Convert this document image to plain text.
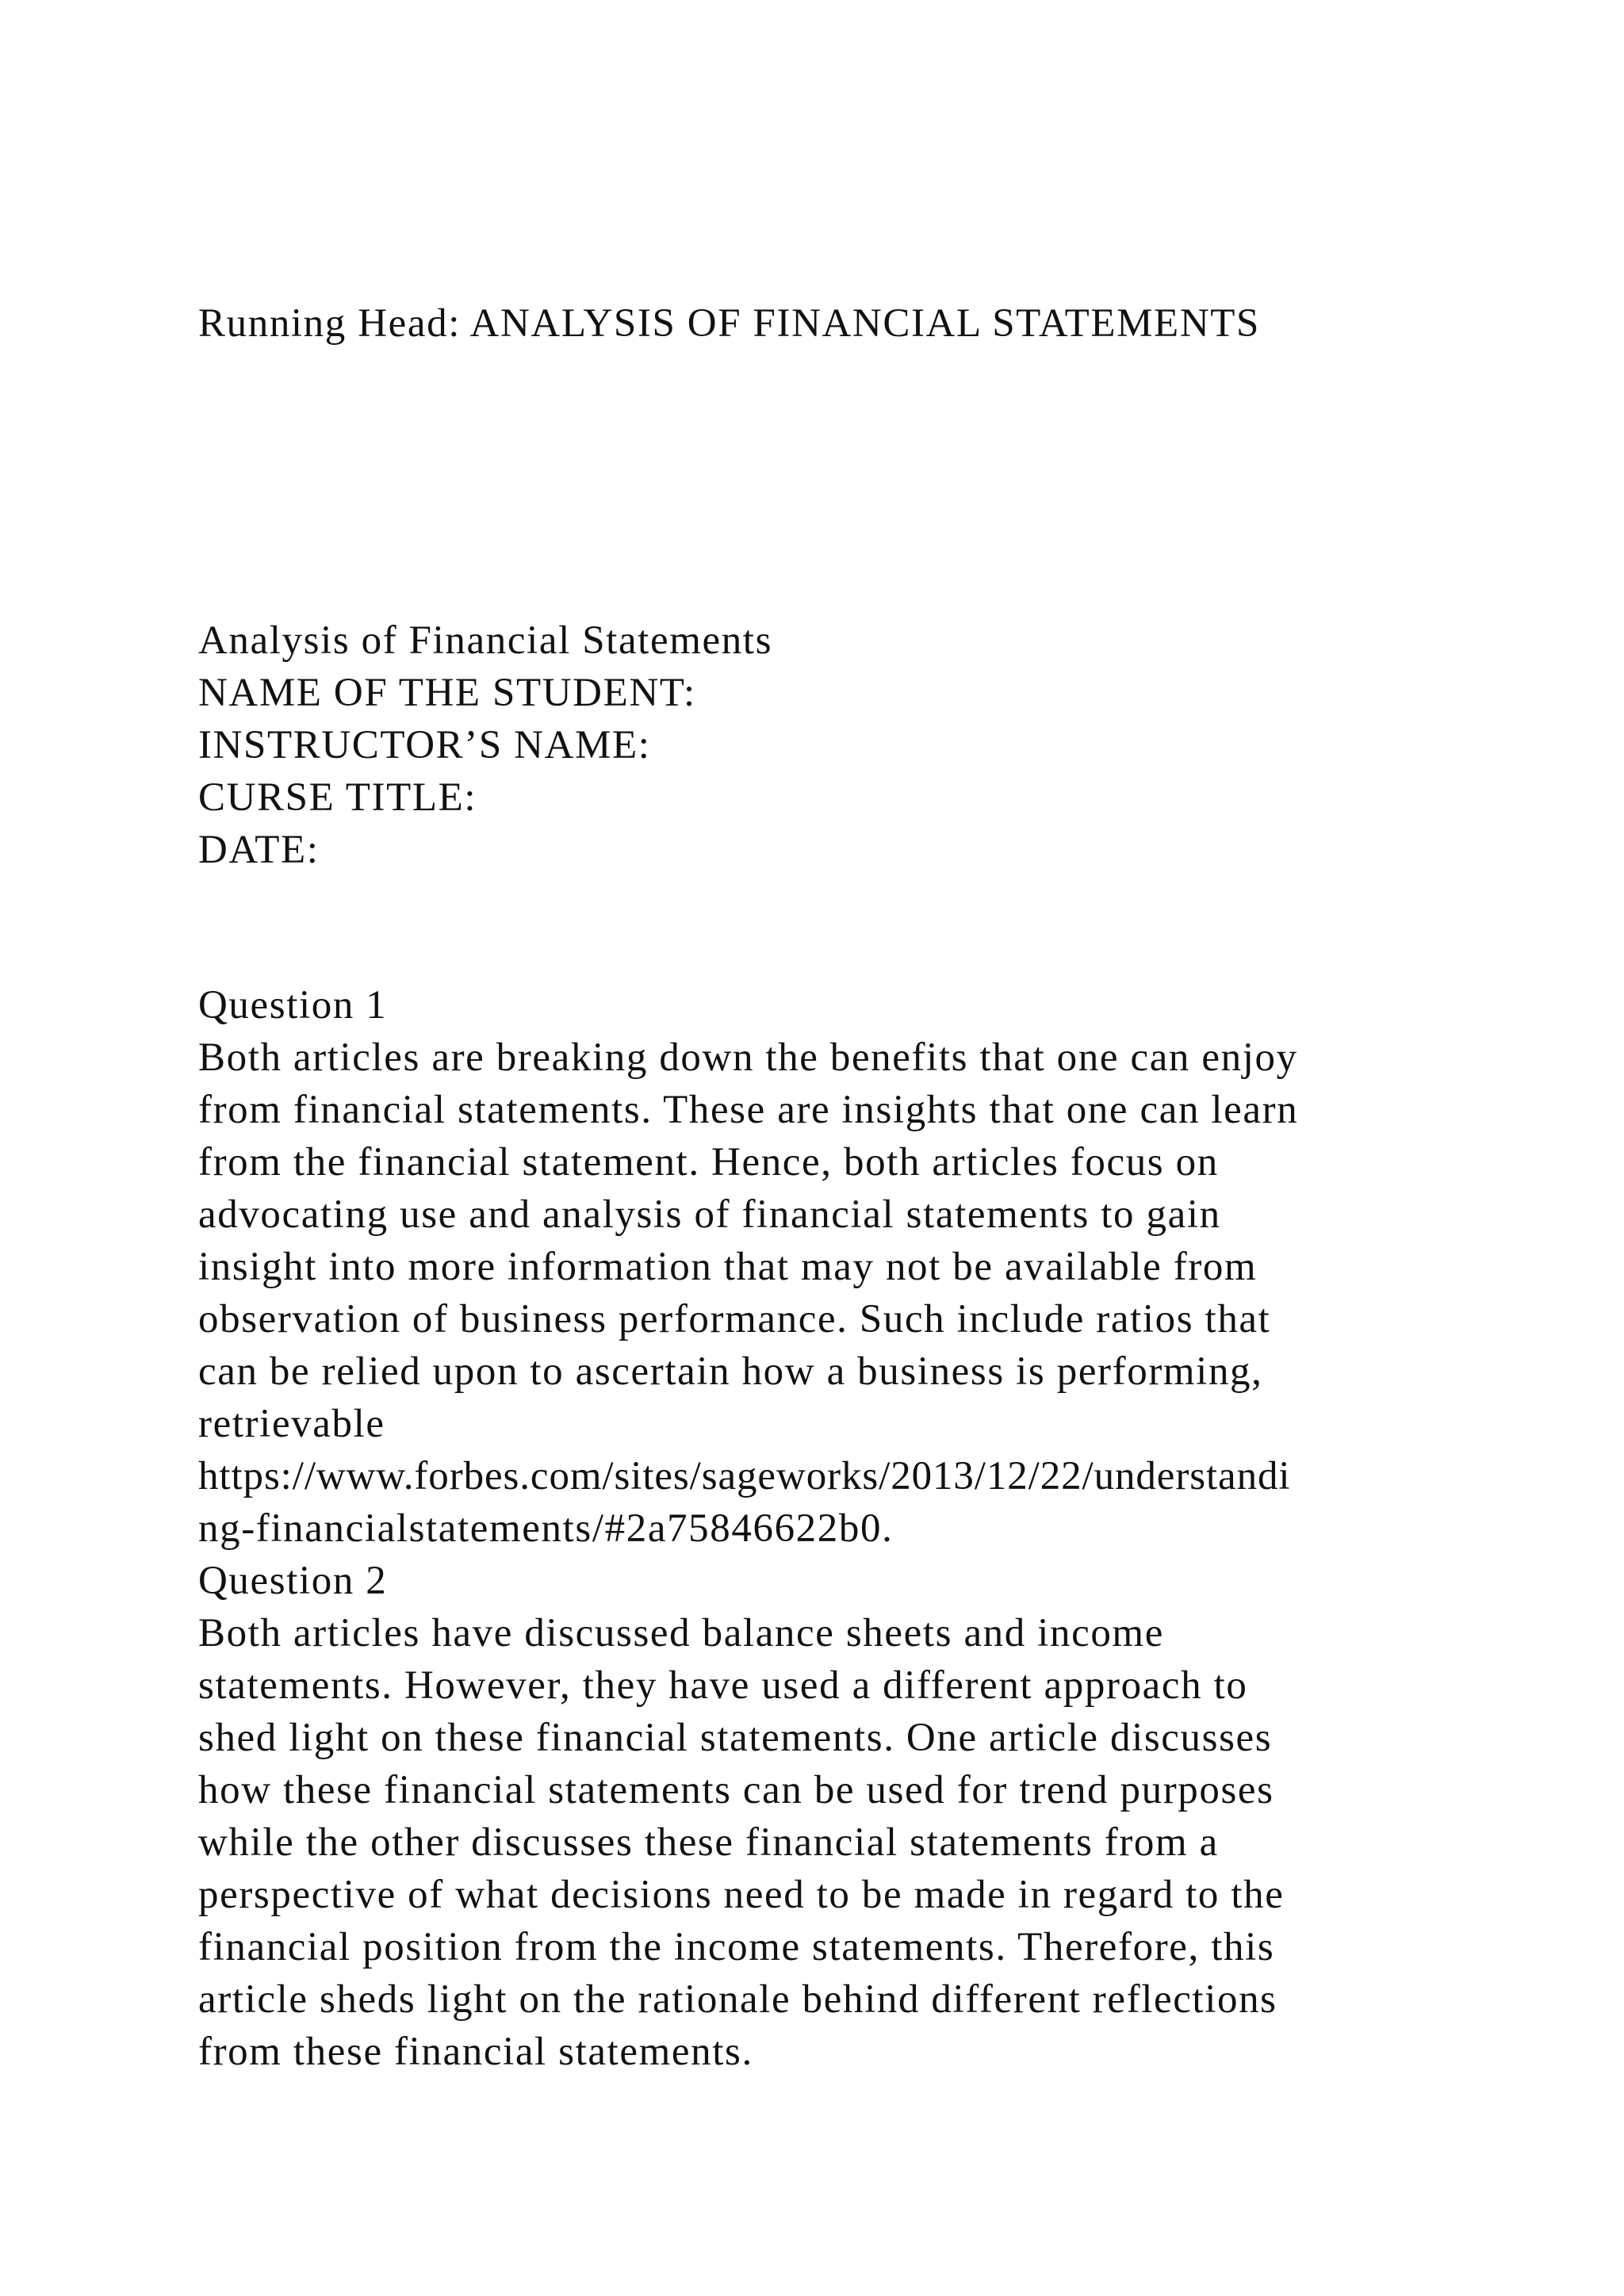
Running Head: ANALYSIS OF FINANCIAL STATEMENTS
Analysis of Financial Statements
NAME OF THE STUDENT:
INSTRUCTOR’S NAME:
CURSE TITLE:
DATE:
Question 1
Both articles are breaking down the benefits that one can enjoy
from financial statements. These are insights that one can learn
from the financial statement. Hence, both articles focus on
advocating use and analysis of financial statements to gain
insight into more information that may not be available from
observation of business performance. Such include ratios that
can be relied upon to ascertain how a business is performing,
retrievable
https://www.forbes.com/sites/sageworks/2013/12/22/understandi
ng-financialstatements/#2a75846622b0.
Question 2
Both articles have discussed balance sheets and income
statements. However, they have used a different approach to
shed light on these financial statements. One article discusses
how these financial statements can be used for trend purposes
while the other discusses these financial statements from a
perspective of what decisions need to be made in regard to the
financial position from the income statements. Therefore, this
article sheds light on the rationale behind different reflections
from these financial statements.
